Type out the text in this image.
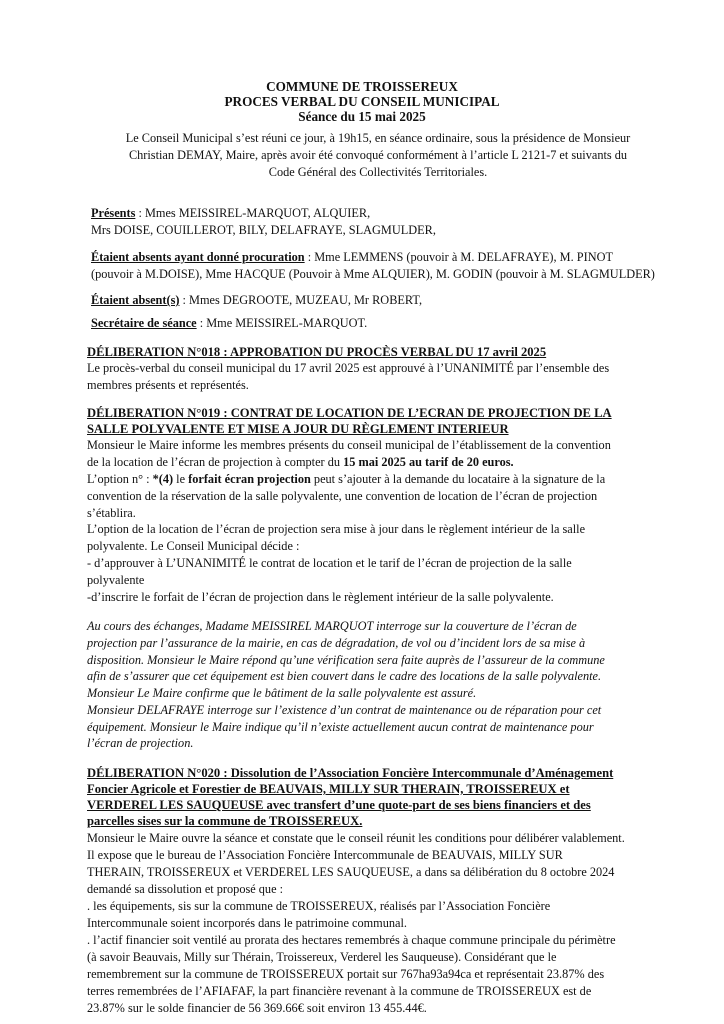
COMMUNE DE TROISSEREUX
PROCES VERBAL DU CONSEIL MUNICIPAL
Séance du 15 mai 2025
Le Conseil Municipal s’est réuni ce jour, à 19h15, en séance ordinaire, sous la présidence de Monsieur
Christian DEMAY, Maire, après avoir été convoqué conformément à l’article L 2121-7 et suivants du
Code Général des Collectivités Territoriales.
Présents : Mmes MEISSIREL-MARQUOT, ALQUIER,
Mrs DOISE, COUILLEROT, BILY, DELAFRAYE, SLAGMULDER,
Étaient absents ayant donné procuration : Mme LEMMENS (pouvoir à M. DELAFRAYE), M. PINOT
(pouvoir à M.DOISE), Mme HACQUE (Pouvoir à Mme ALQUIER), M. GODIN (pouvoir à M. SLAGMULDER)
Étaient absent(s) : Mmes DEGROOTE, MUZEAU, Mr ROBERT,
Secrétaire de séance : Mme MEISSIREL-MARQUOT.
DÉLIBERATION N°018 : APPROBATION DU PROCÈS VERBAL DU 17 avril 2025
Le procès-verbal du conseil municipal du 17 avril 2025 est approuvé à l’UNANIMITÉ par l’ensemble des
membres présents et représentés.
DÉLIBERATION N°019 : CONTRAT DE LOCATION DE L’ECRAN DE PROJECTION DE LA
SALLE POLYVALENTE ET MISE A JOUR DU RÈGLEMENT INTERIEUR
Monsieur le Maire informe les membres présents du conseil municipal de l’établissement de la convention
de la location de l’écran de projection à compter du 15 mai 2025 au tarif de 20 euros.
L’option n° : *(4) le forfait écran projection peut s’ajouter à la demande du locataire à la signature de la
convention de la réservation de la salle polyvalente, une convention de location de l’écran de projection
s’établira.
L’option de la location de l’écran de projection sera mise à jour dans le règlement intérieur de la salle
polyvalente. Le Conseil Municipal décide :
- d’approuver à L’UNANIMITÉ le contrat de location et le tarif de l’écran de projection de la salle
polyvalente
-d’inscrire le forfait de l’écran de projection dans le règlement intérieur de la salle polyvalente.
Au cours des échanges, Madame MEISSIREL MARQUOT interroge sur la couverture de l’écran de
projection par l’assurance de la mairie, en cas de dégradation, de vol ou d’incident lors de sa mise à
disposition. Monsieur le Maire répond qu’une vérification sera faite auprès de l’assureur de la commune
afin de s’assurer que cet équipement est bien couvert dans le cadre des locations de la salle polyvalente.
Monsieur Le Maire confirme que le bâtiment de la salle polyvalente est assuré.
Monsieur DELAFRAYE interroge sur l’existence d’un contrat de maintenance ou de réparation pour cet
équipement. Monsieur le Maire indique qu’il n’existe actuellement aucun contrat de maintenance pour
l’écran de projection.
DÉLIBERATION N°020 : Dissolution de l’Association Foncière Intercommunale d’Aménagement
Foncier Agricole et Forestier de BEAUVAIS, MILLY SUR THERAIN, TROISSEREUX et
VERDEREL LES SAUQUEUSE avec transfert d’une quote-part de ses biens financiers et des
parcelles sises sur la commune de TROISSEREUX.
Monsieur le Maire ouvre la séance et constate que le conseil réunit les conditions pour délibérer valablement.
Il expose que le bureau de l’Association Foncière Intercommunale de BEAUVAIS, MILLY SUR
THERAIN, TROISSEREUX et VERDEREL LES SAUQUEUSE, a dans sa délibération du 8 octobre 2024
demandé sa dissolution et proposé que :
. les équipements, sis sur la commune de TROISSEREUX, réalisés par l’Association Foncière
Intercommunale soient incorporés dans le patrimoine communal.
. l’actif financier soit ventilé au prorata des hectares remembrés à chaque commune principale du périmètre
(à savoir Beauvais, Milly sur Thérain, Troissereux, Verderel les Sauqueuse). Considérant que le
remembrement sur la commune de TROISSEREUX portait sur 767ha93a94ca et représentait 23.87% des
terres remembrées de l’AFIAFAF, la part financière revenant à la commune de TROISSEREUX est de
23.87% sur le solde financier de 56 369.66€ soit environ 13 455.44€.
